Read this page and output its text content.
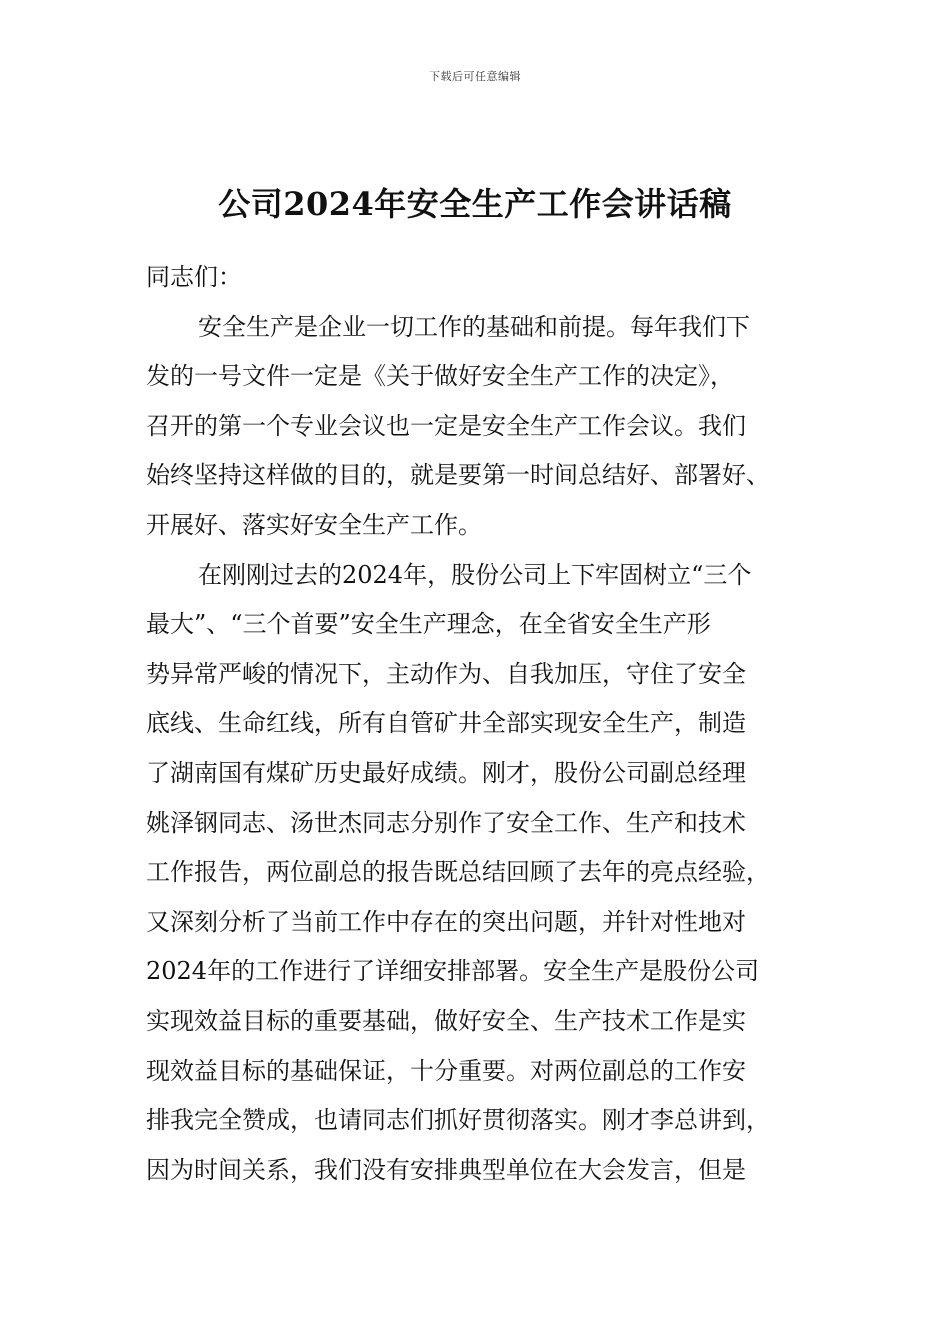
下载后可任意编辑
公司2024年安全生产工作会讲话稿
同志们：
安全生产是企业一切工作的基础和前提。每年我们下
发的一号文件一定是《关于做好安全生产工作的决定》，
召开的第一个专业会议也一定是安全生产工作会议。我们
始终坚持这样做的目的，就是要第一时间总结好、部署好、
开展好、落实好安全生产工作。
在刚刚过去的2024年，股份公司上下牢固树立“三个
最大”、“三个首要”安全生产理念，在全省安全生产形
势异常严峻的情况下，主动作为、自我加压，守住了安全
底线、生命红线，所有自管矿井全部实现安全生产，制造
了湖南国有煤矿历史最好成绩。刚才，股份公司副总经理
姚泽钢同志、汤世杰同志分别作了安全工作、生产和技术
工作报告，两位副总的报告既总结回顾了去年的亮点经验，
又深刻分析了当前工作中存在的突出问题，并针对性地对
2024年的工作进行了详细安排部署。安全生产是股份公司
实现效益目标的重要基础，做好安全、生产技术工作是实
现效益目标的基础保证，十分重要。对两位副总的工作安
排我完全赞成，也请同志们抓好贯彻落实。刚才李总讲到，
因为时间关系，我们没有安排典型单位在大会发言，但是
